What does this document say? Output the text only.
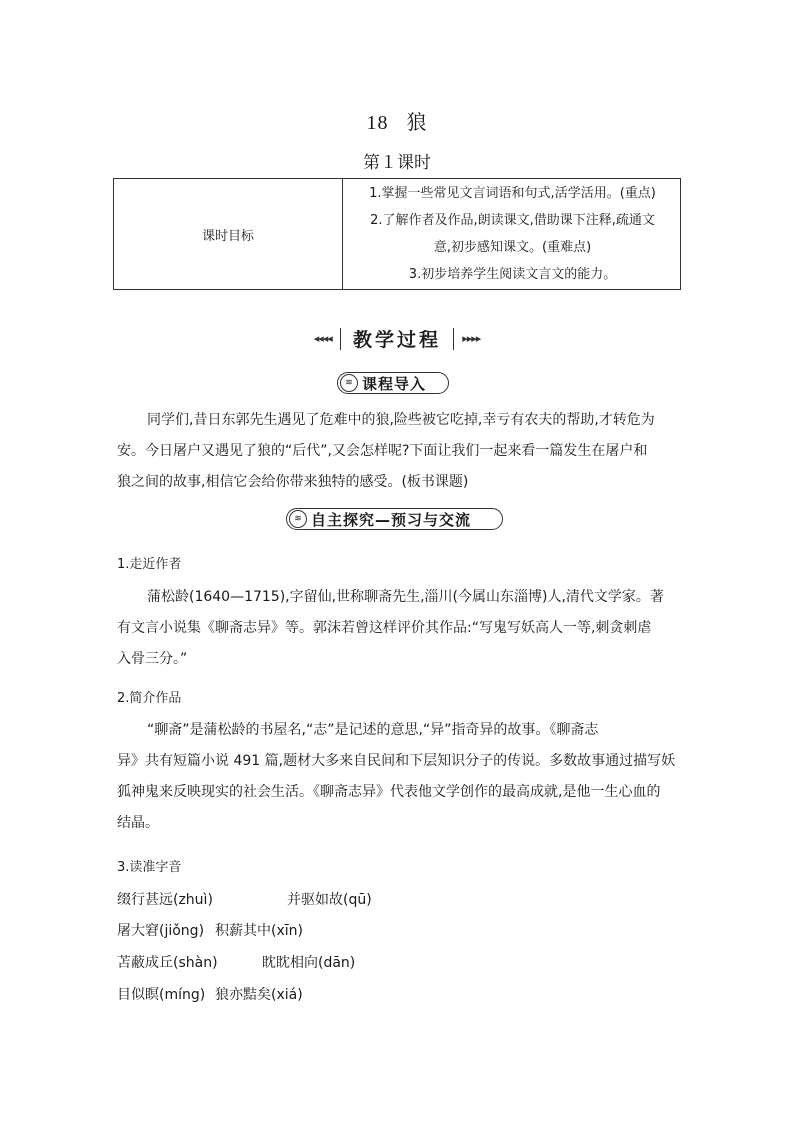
18 狼
第１课时
课时目标	
1.掌握一些常见文言词语和句式,活学活用。(重点)
2.了解作者及作品,朗读课文,借助课下注释,疏通文
意,初步感知课文。(重难点)
3.初步培养学生阅读文言文的能力。
◂◂◂◂ 教学过程 ▸▸▸▸
≋ 课程导入
同学们,昔日东郭先生遇见了危难中的狼,险些被它吃掉,幸亏有农夫的帮助,才转危为
安。今日屠户又遇见了狼的“后代”,又会怎样呢?下面让我们一起来看一篇发生在屠户和
狼之间的故事,相信它会给你带来独特的感受。(板书课题)
≋ 自主探究—预习与交流
1.走近作者
蒲松龄(1640—1715),字留仙,世称聊斋先生,淄川(今属山东淄博)人,清代文学家。著
有文言小说集《聊斋志异》等。郭沫若曾这样评价其作品:“写鬼写妖高人一等,刺贪刺虐
入骨三分。”
2.简介作品
“聊斋”是蒲松龄的书屋名,“志”是记述的意思,“异”指奇异的故事。《聊斋志
异》共有短篇小说 491 篇,题材大多来自民间和下层知识分子的传说。多数故事通过描写妖
狐神鬼来反映现实的社会生活。《聊斋志异》代表他文学创作的最高成就,是他一生心血的
结晶。
3.读准字音
缀行甚远(zhuì)	并驱如故(qū)
屠大窘(jiǒng) 积薪其中(xīn)
苫蔽成丘(shàn)	眈眈相向(dān)
目似瞑(míng) 狼亦黠矣(xiá)
